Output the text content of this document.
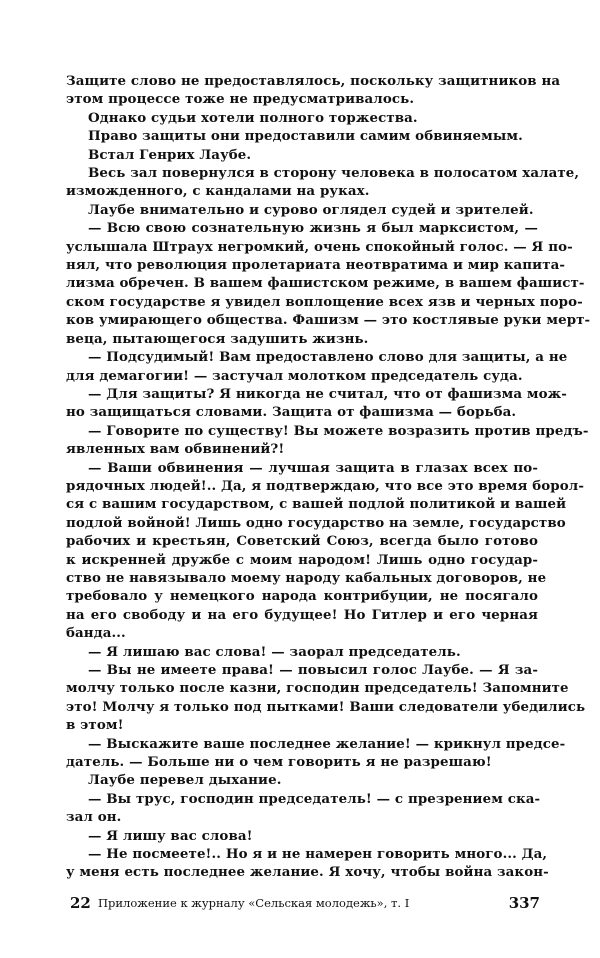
Защите слово не предоставлялось, поскольку защитников на
этом процессе тоже не предусматривалось.
Однако судьи хотели полного торжества.
Право защиты они предоставили самим обвиняемым.
Встал Генрих Лаубе.
Весь зал повернулся в сторону человека в полосатом халате,
изможденного, с кандалами на руках.
Лаубе внимательно и сурово оглядел судей и зрителей.
— Всю свою сознательную жизнь я был марксистом, —
услышала Штраух негромкий, очень спокойный голос. — Я по-
нял, что революция пролетариата неотвратима и мир капита-
лизма обречен. В вашем фашистском режиме, в вашем фашист-
ском государстве я увидел воплощение всех язв и черных поро-
ков умирающего общества. Фашизм — это костлявые руки мерт-
веца, пытающегося задушить жизнь.
— Подсудимый! Вам предоставлено слово для защиты, а не
для демагогии! — застучал молотком председатель суда.
— Для защиты? Я никогда не считал, что от фашизма мож-
но защищаться словами. Защита от фашизма — борьба.
— Говорите по существу! Вы можете возразить против предъ-
явленных вам обвинений?!
— Ваши обвинения — лучшая защита в глазах всех по-
рядочных людей!.. Да, я подтверждаю, что все это время борол-
ся с вашим государством, с вашей подлой политикой и вашей
подлой войной! Лишь одно государство на земле, государство
рабочих и крестьян, Советский Союз, всегда было готово
к искренней дружбе с моим народом! Лишь одно государ-
ство не навязывало моему народу кабальных договоров, не
требовало у немецкого народа контрибуции, не посягало
на его свободу и на его будущее! Но Гитлер и его черная
банда...
— Я лишаю вас слова! — заорал председатель.
— Вы не имеете права! — повысил голос Лаубе. — Я за-
молчу только после казни, господин председатель! Запомните
это! Молчу я только под пытками! Ваши следователи убедились
в этом!
— Выскажите ваше последнее желание! — крикнул предсе-
датель. — Больше ни о чем говорить я не разрешаю!
Лаубе перевел дыхание.
— Вы трус, господин председатель! — с презрением ска-
зал он.
— Я лишу вас слова!
— Не посмеете!.. Но я и не намерен говорить много... Да,
у меня есть последнее желание. Я хочу, чтобы война закон-
22 Приложение к журналу «Сельская молодежь», т. I	337
